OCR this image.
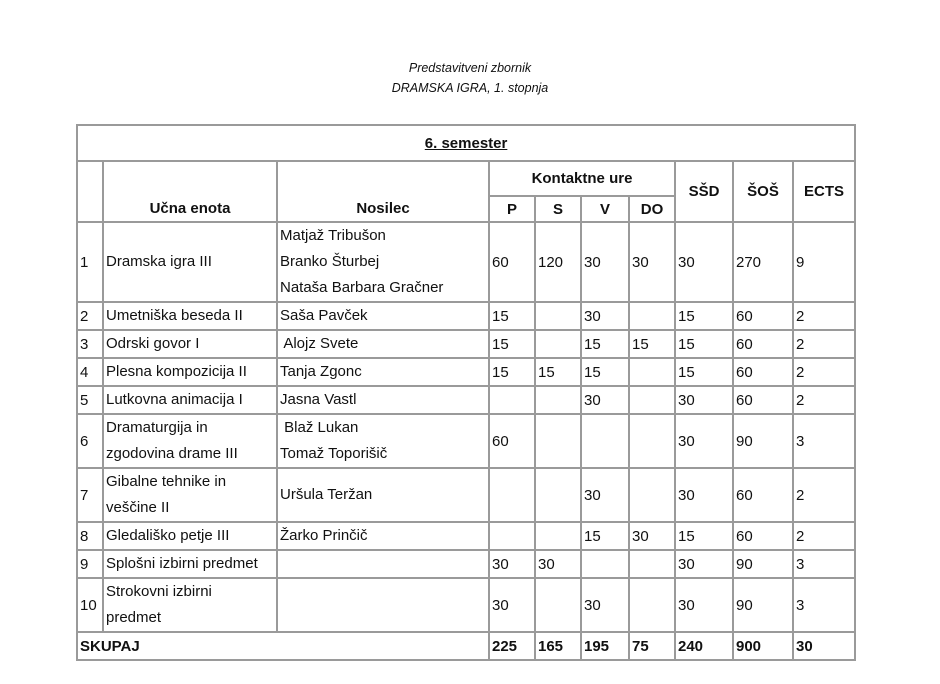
Predstavitveni zbornik
DRAMSKA IGRA, 1. stopnja
6. semester									
	Učna enota	Nosilec	Kontaktne ure				SŠD	ŠOŠ	ECTS
			P	S	V	DO			
1	Dramska igra III	Matjaž Tribušon
Branko Šturbej
Nataša Barbara Gračner	60	120	30	30	30	270	9
2	Umetniška beseda II	Saša Pavček	15		30		15	60	2
3	Odrski govor I	Alojz Svete	15		15	15	15	60	2
4	Plesna kompozicija II	Tanja Zgonc	15	15	15		15	60	2
5	Lutkovna animacija I	Jasna Vastl			30		30	60	2
6	Dramaturgija in
zgodovina drame III	Blaž Lukan
Tomaž Toporišič	60				30	90	3
7	Gibalne tehnike in
veščine II	Uršula Teržan			30		30	60	2
8	Gledališko petje III	Žarko Prinčič			15	30	15	60	2
9	Splošni izbirni predmet		30	30			30	90	3
10	Strokovni izbirni
predmet		30		30		30	90	3
SKUPAJ			225	165	195	75	240	900	30
